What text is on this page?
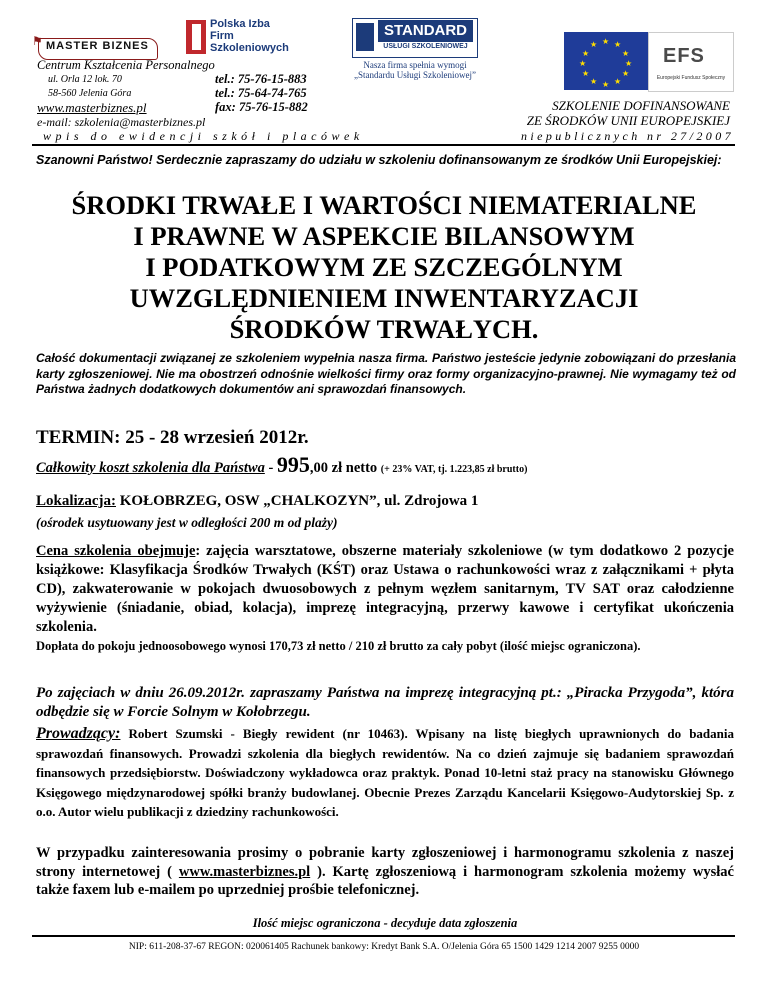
⚑ MASTER BIZNES
Polska Izba
Firm Szkoleniowych
STANDARD
USŁUGI SZKOLENIOWEJ
Nasza firma spełnia wymogi
„Standardu Usługi Szkoleniowej”
★ ★
★
★
★
★
★
★
★
★
★
★
EFS
Europejski Fundusz Społeczny
Centrum Kształcenia Personalnego
ul. Orla 12 lok. 70
58-560 Jelenia Góra
tel.: 75-76-15-883
tel.: 75-64-74-765
fax: 75-76-15-882
www.masterbiznes.pl
e-mail: szkolenia@masterbiznes.pl
wpis do ewidencji szkół i placówek
SZKOLENIE DOFINANSOWANE
ZE ŚRODKÓW UNII EUROPEJSKIEJ
niepublicznych nr 27/2007
Szanowni Państwo! Serdecznie zapraszamy do udziału w szkoleniu dofinansowanym ze środków Unii Europejskiej:
ŚRODKI TRWAŁE I WARTOŚCI NIEMATERIALNE
I PRAWNE W ASPEKCIE BILANSOWYM
I PODATKOWYM ZE SZCZEGÓLNYM
UWZGLĘDNIENIEM INWENTARYZACJI
ŚRODKÓW TRWAŁYCH.
Całość dokumentacji związanej ze szkoleniem wypełnia nasza firma. Państwo jesteście jedynie zobowiązani do przesłania karty zgłoszeniowej. Nie ma obostrzeń odnośnie wielkości firmy oraz formy organizacyjno-prawnej. Nie wymagamy też od Państwa żadnych dodatkowych dokumentów ani sprawozdań finansowych.
TERMIN: 25 - 28 wrzesień 2012r.
Całkowity koszt szkolenia dla Państwa - 995,00 zł netto (+ 23% VAT, tj. 1.223,85 zł brutto)
Lokalizacja: KOŁOBRZEG, OSW „CHALKOZYN”, ul. Zdrojowa 1
(ośrodek usytuowany jest w odległości 200 m od plaży)
Cena szkolenia obejmuje: zajęcia warsztatowe, obszerne materiały szkoleniowe (w tym dodatkowo 2 pozycje książkowe: Klasyfikacja Środków Trwałych (KŚT) oraz Ustawa o rachunkowości wraz z załącznikami + płyta CD), zakwaterowanie w pokojach dwuosobowych z pełnym węzłem sanitarnym, TV SAT oraz całodzienne wyżywienie (śniadanie, obiad, kolacja), imprezę integracyjną, przerwy kawowe i certyfikat ukończenia szkolenia.
Dopłata do pokoju jednoosobowego wynosi 170,73 zł netto / 210 zł brutto za cały pobyt (ilość miejsc ograniczona).
Po zajęciach w dniu 26.09.2012r. zapraszamy Państwa na imprezę integracyjną pt.: „Piracka Przygoda”, która odbędzie się w Forcie Solnym w Kołobrzegu.
Prowadzący: Robert Szumski - Biegły rewident (nr 10463). Wpisany na listę biegłych uprawnionych do badania sprawozdań finansowych. Prowadzi szkolenia dla biegłych rewidentów. Na co dzień zajmuje się badaniem sprawozdań finansowych przedsiębiorstw. Doświadczony wykładowca oraz praktyk. Ponad 10-letni staż pracy na stanowisku Głównego Księgowego międzynarodowej spółki branży budowlanej. Obecnie Prezes Zarządu Kancelarii Księgowo-Audytorskiej Sp. z o.o. Autor wielu publikacji z dziedziny rachunkowości.
W przypadku zainteresowania prosimy o pobranie karty zgłoszeniowej i harmonogramu szkolenia z naszej strony internetowej ( www.masterbiznes.pl ). Kartę zgłoszeniową i harmonogram szkolenia możemy wysłać także faxem lub e-mailem po uprzedniej prośbie telefonicznej.
Ilość miejsc ograniczona - decyduje data zgłoszenia
NIP: 611-208-37-67 REGON: 020061405 Rachunek bankowy: Kredyt Bank S.A. O/Jelenia Góra 65 1500 1429 1214 2007 9255 0000
